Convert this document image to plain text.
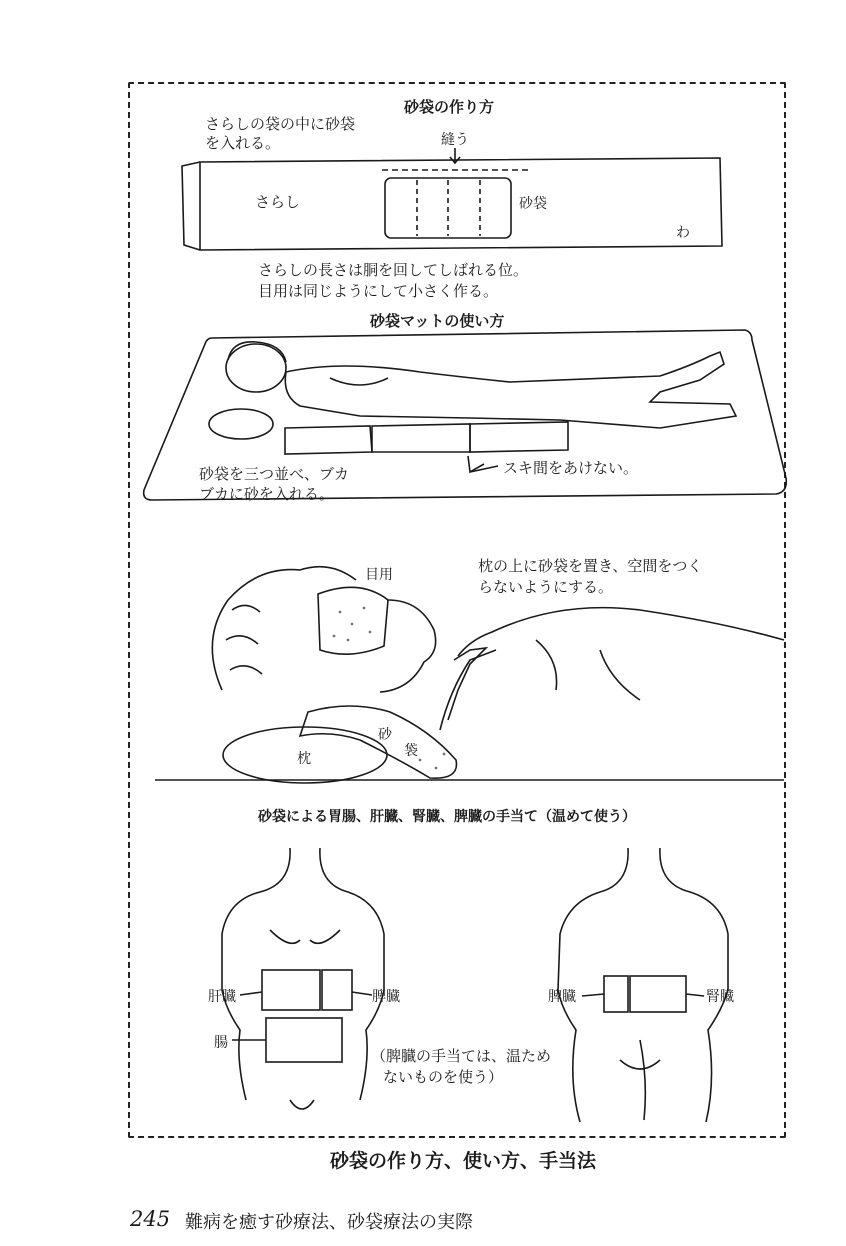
砂袋の作り方
さらしの袋の中に砂袋
を入れる。	縫う
さらし	砂袋
わ
さらしの長さは胴を回してしばれる位。
目用は同じようにして小さく作る。
砂袋マットの使い方
砂袋を三つ並べ、ブカ
ブカに砂を入れる。
スキ間をあけない。
目用	枕の上に砂袋を置き、空間をつく
らないようにする。
枕
砂
袋
砂袋による胃腸、肝臓、腎臓、脾臓の手当て（温めて使う）
肝臓	脾臓
腸
脾臓	腎臓
（脾臓の手当ては、温ため
ないものを使う）
砂袋の作り方、使い方、手当法
245 難病を癒す砂療法、砂袋療法の実際
